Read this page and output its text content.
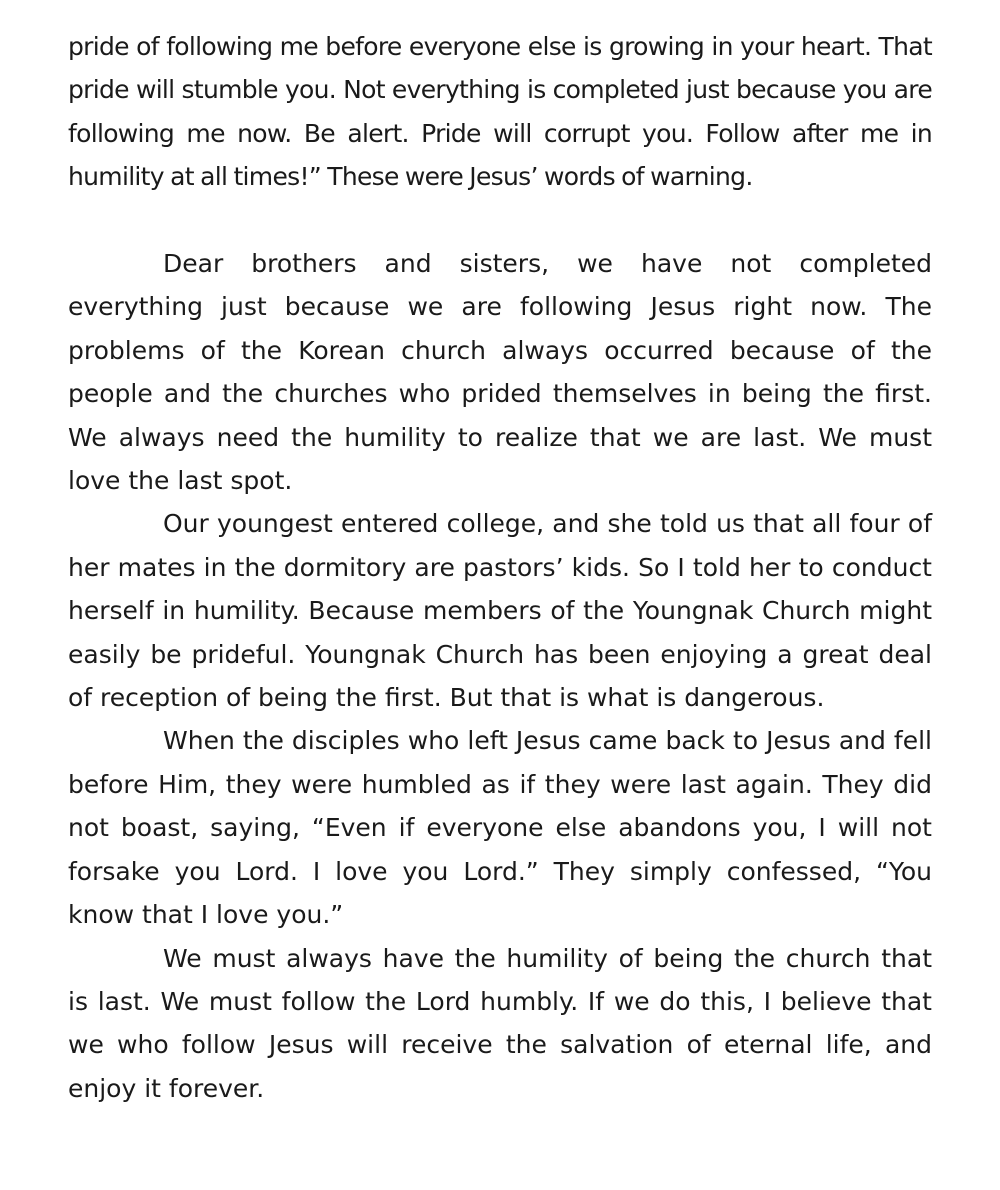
pride of following me before everyone else is growing in your heart. That pride will stumble you. Not everything is completed just because you are following me now. Be alert. Pride will corrupt you. Follow after me in humility at all times!” These were Jesus’ words of warning.

Dear brothers and sisters, we have not completed everything just because we are following Jesus right now. The problems of the Korean church always occurred because of the people and the churches who prided themselves in being the first. We always need the humility to realize that we are last. We must love the last spot.

Our youngest entered college, and she told us that all four of her mates in the dormitory are pastors’ kids. So I told her to conduct herself in humility. Because members of the Youngnak Church might easily be prideful. Youngnak Church has been enjoying a great deal of reception of being the first. But that is what is dangerous.

When the disciples who left Jesus came back to Jesus and fell before Him, they were humbled as if they were last again. They did not boast, saying, “Even if everyone else abandons you, I will not forsake you Lord. I love you Lord.” They simply confessed, “You know that I love you.”

We must always have the humility of being the church that is last. We must follow the Lord humbly. If we do this, I believe that we who follow Jesus will receive the salvation of eternal life, and enjoy it forever.
